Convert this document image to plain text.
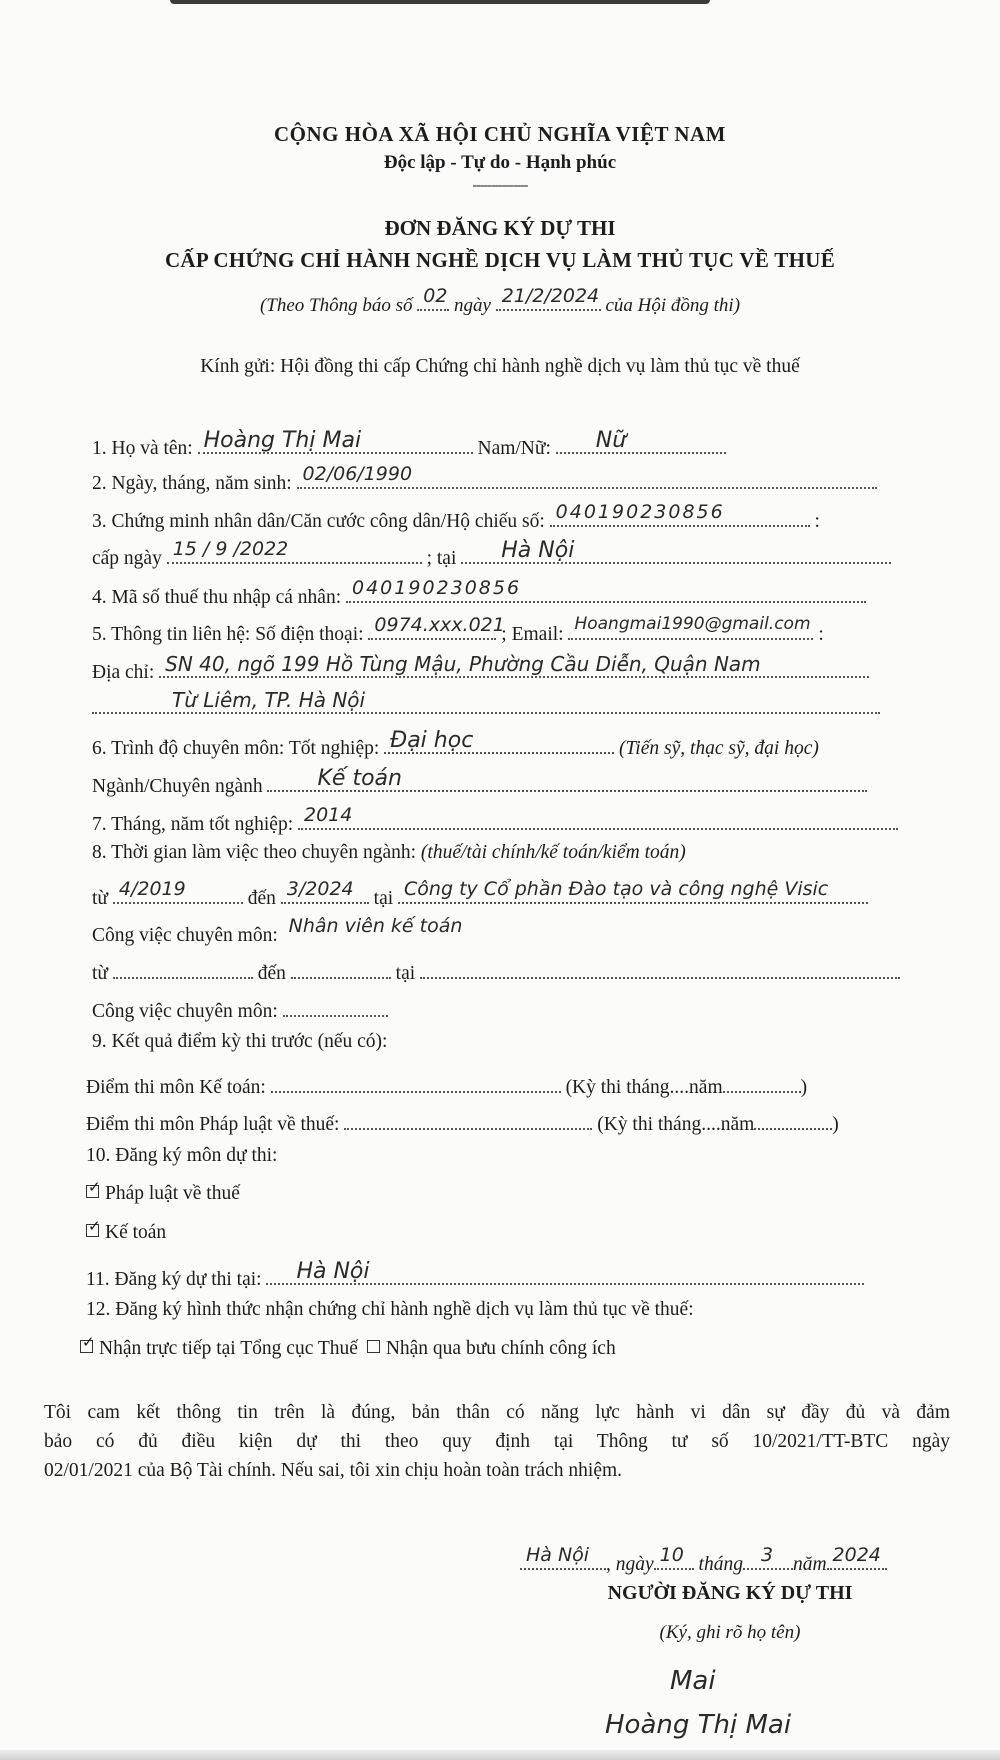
CỘNG HÒA XÃ HỘI CHỦ NGHĨA VIỆT NAM
Độc lập - Tự do - Hạnh phúc
---------------
ĐƠN ĐĂNG KÝ DỰ THI
CẤP CHỨNG CHỈ HÀNH NGHỀ DỊCH VỤ LÀM THỦ TỤC VỀ THUẾ
(Theo Thông báo số 02 ngày 21/2/2024 của Hội đồng thi)
Kính gửi: Hội đồng thi cấp Chứng chỉ hành nghề dịch vụ làm thủ tục về thuế
1. Họ và tên: Hoàng Thị Mai	Nam/Nữ: Nữ
2. Ngày, tháng, năm sinh: 02/06/1990
3. Chứng minh nhân dân/Căn cước công dân/Hộ chiếu số: 040190230856	:
cấp ngày 15 / 9 /2022	; tại Hà Nội
4. Mã số thuế thu nhập cá nhân: 040190230856
5. Thông tin liên hệ: Số điện thoại: 0974.xxx.021
; Email: Hoangmai1990@gmail.com :
Địa chỉ: SN 40, ngõ 199 Hồ Tùng Mậu, Phường Cầu Diễn, Quận Nam
Từ Liêm, TP. Hà Nội
6. Trình độ chuyên môn: Tốt nghiệp: Đại học	(Tiến sỹ, thạc sỹ, đại học)
Ngành/Chuyên ngành Kế toán
7. Tháng, năm tốt nghiệp: 2014
8. Thời gian làm việc theo chuyên ngành: (thuế/tài chính/kế toán/kiểm toán)
từ 4/2019	đến 3/2024 tại Công ty Cổ phần Đào tạo và công nghệ Visic
Công việc chuyên môn: Nhân viên kế toán
từ	đến	tại
Công việc chuyên môn:
9. Kết quả điểm kỳ thi trước (nếu có):
Điểm thi môn Kế toán:	(Kỳ thi tháng....năm	)
Điểm thi môn Pháp luật về thuế:	(Kỳ thi tháng....năm	)
10. Đăng ký môn dự thi:
✓ Pháp luật về thuế
✓ Kế toán
11. Đăng ký dự thi tại: Hà Nội
12. Đăng ký hình thức nhận chứng chỉ hành nghề dịch vụ làm thủ tục về thuế:
✓ Nhận trực tiếp tại Tổng cục Thuế Nhận qua bưu chính công ích
Tôi cam kết thông tin trên là đúng, bản thân có năng lực hành vi dân sự đầy đủ và đảm
bảo có đủ điều kiện dự thi theo quy định tại Thông tư số 10/2021/TT-BTC ngày
02/01/2021 của Bộ Tài chính. Nếu sai, tôi xin chịu hoàn toàn trách nhiệm.
Hà Nội , ngày 10 tháng 3 năm 2024
NGƯỜI ĐĂNG KÝ DỰ THI
(Ký, ghi rõ họ tên)
Mai
Hoàng Thị Mai
